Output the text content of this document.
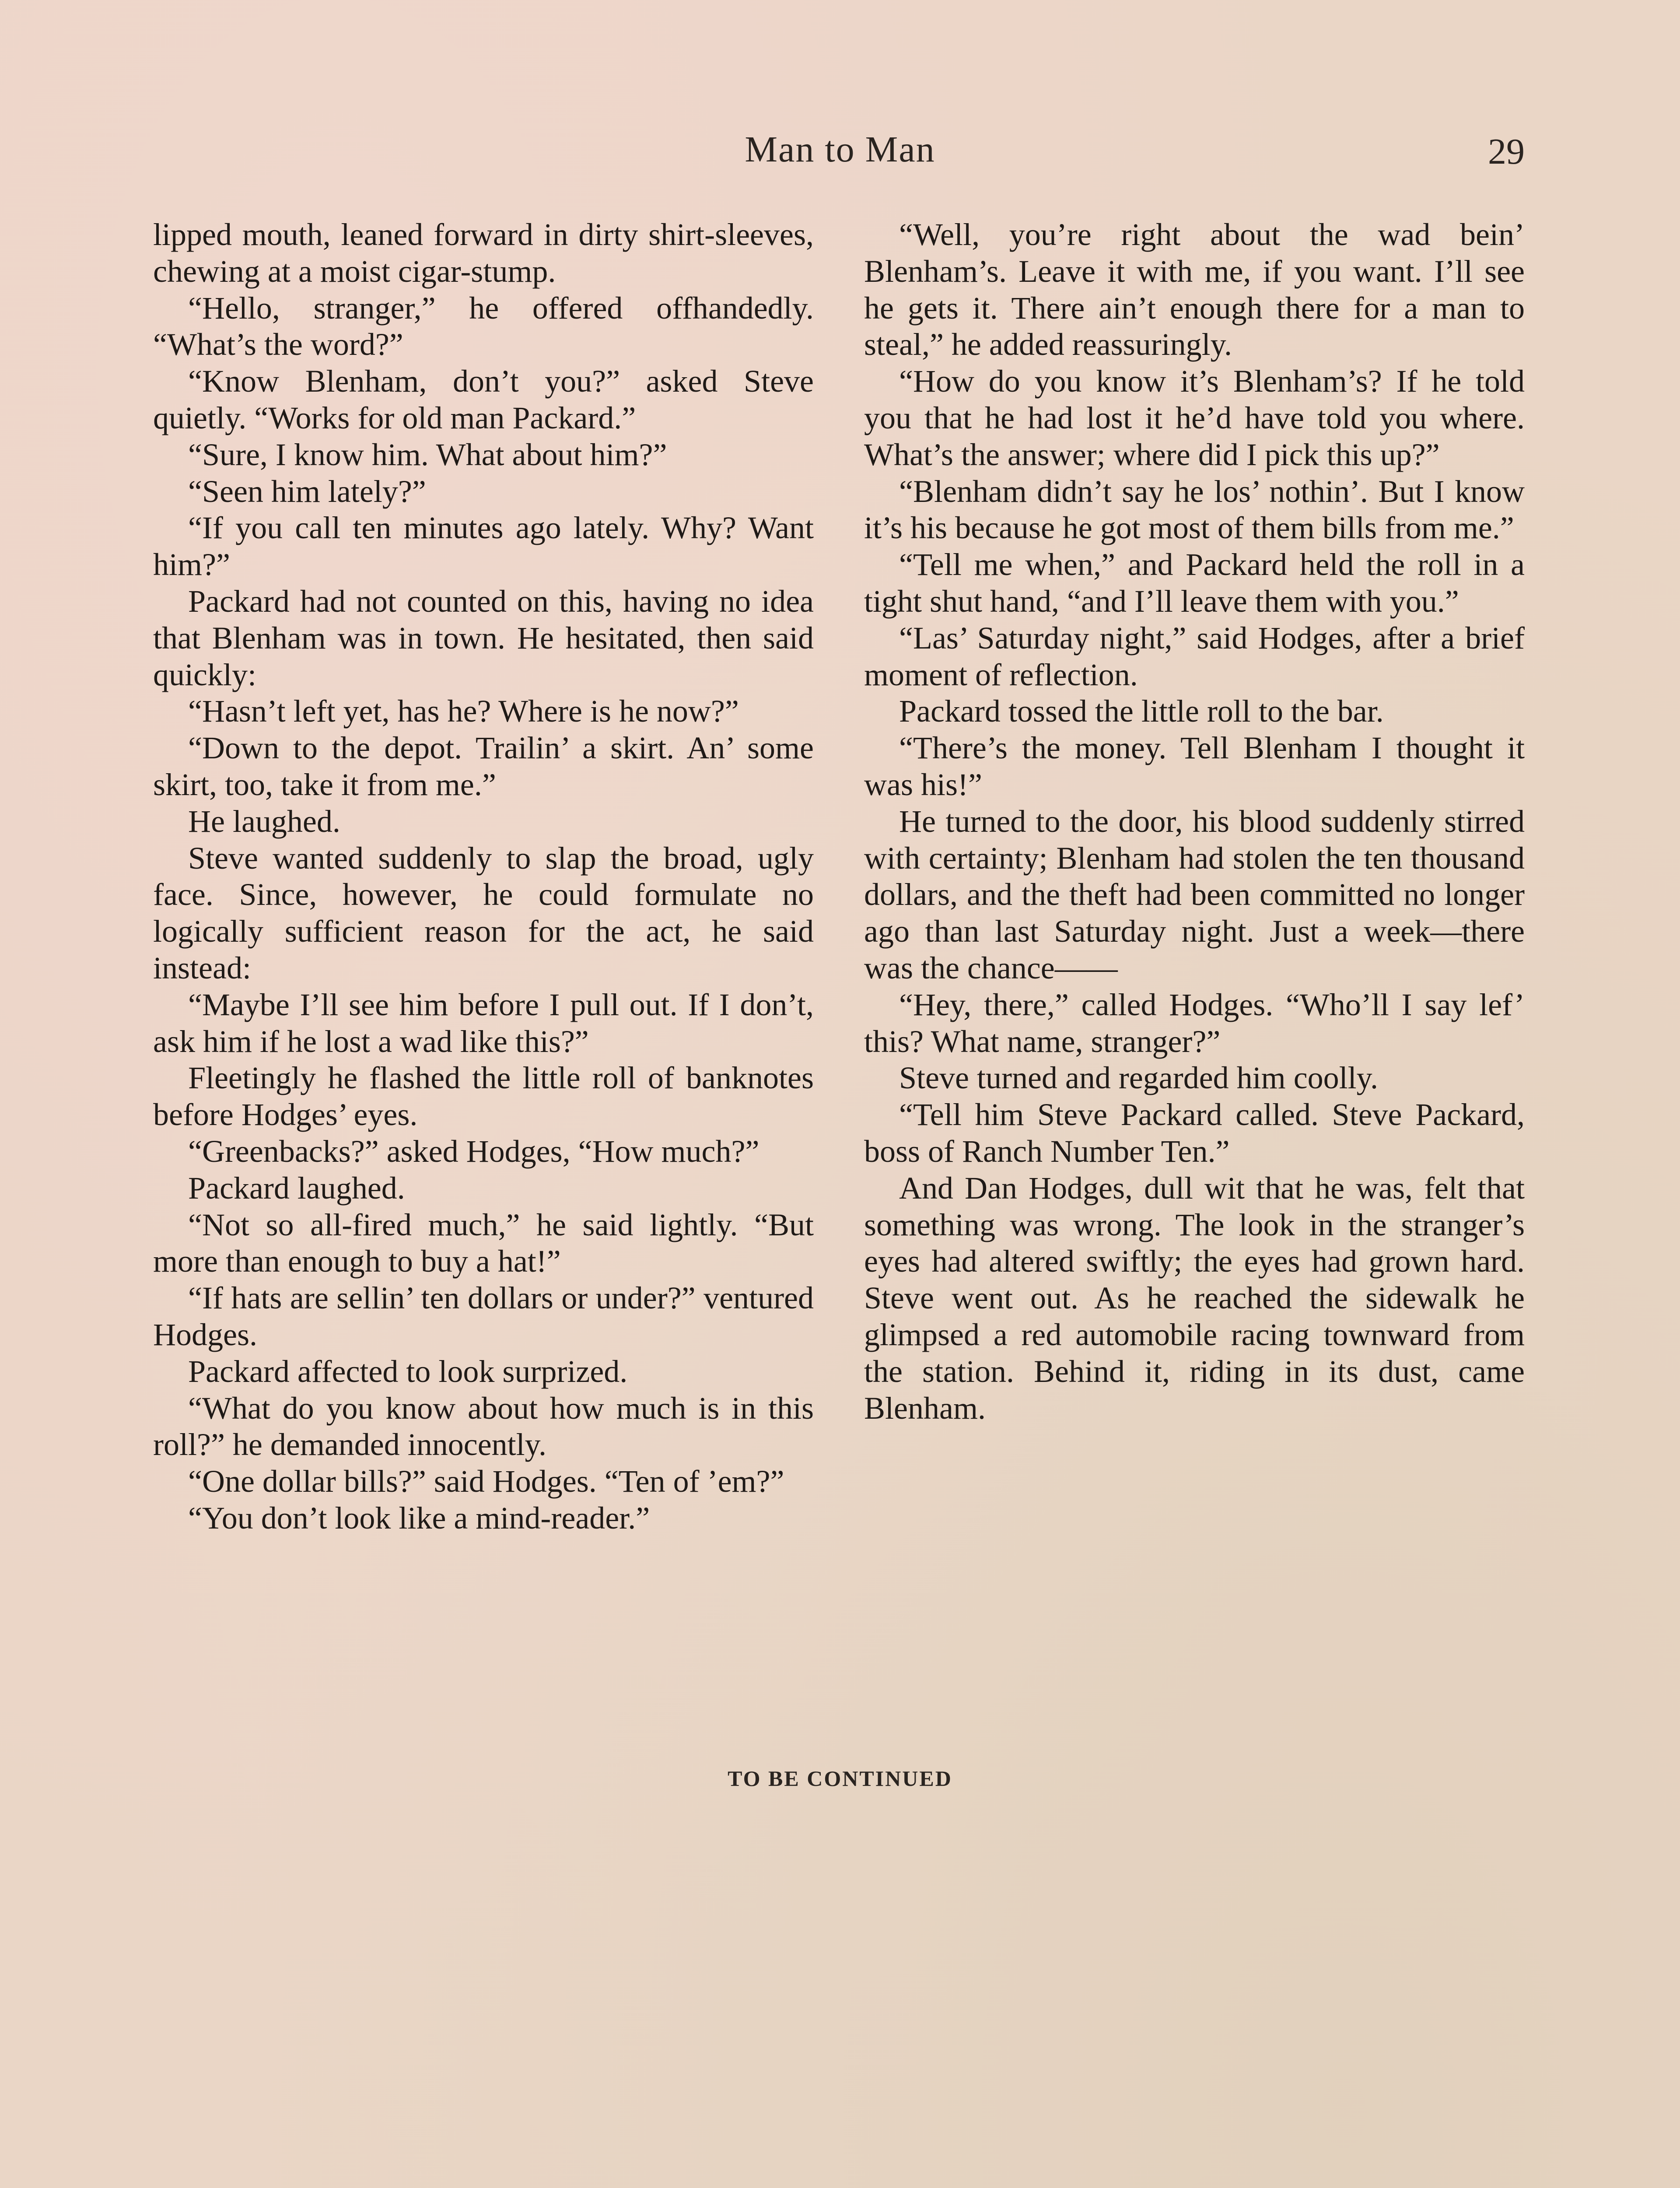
Man to Man	29

lipped mouth, leaned forward in dirty shirt-sleeves, chewing at a moist cigar-stump.

“Hello, stranger,” he offered offhandedly. “What’s the word?”

“Know Blenham, don’t you?” asked Steve quietly. “Works for old man Packard.”

“Sure, I know him. What about him?”

“Seen him lately?”

“If you call ten minutes ago lately. Why? Want him?”

Packard had not counted on this, having no idea that Blenham was in town. He hesitated, then said quickly:

“Hasn’t left yet, has he? Where is he now?”

“Down to the depot. Trailin’ a skirt. An’ some skirt, too, take it from me.”

He laughed.

Steve wanted suddenly to slap the broad, ugly face. Since, however, he could formulate no logically sufficient reason for the act, he said instead:

“Maybe I’ll see him before I pull out. If I don’t, ask him if he lost a wad like this?”

Fleetingly he flashed the little roll of banknotes before Hodges’ eyes.

“Greenbacks?” asked Hodges, “How much?”

Packard laughed.

“Not so all-fired much,” he said lightly. “But more than enough to buy a hat!”

“If hats are sellin’ ten dollars or under?” ventured Hodges.

Packard affected to look surprized.

“What do you know about how much is in this roll?” he demanded innocently.

“One dollar bills?” said Hodges. “Ten of ’em?”

“You don’t look like a mind-reader.”

“Well, you’re right about the wad bein’ Blenham’s. Leave it with me, if you want. I’ll see he gets it. There ain’t enough there for a man to steal,” he added reassuringly.

“How do you know it’s Blenham’s? If he told you that he had lost it he’d have told you where. What’s the answer; where did I pick this up?”

“Blenham didn’t say he los’ nothin’. But I know it’s his because he got most of them bills from me.”

“Tell me when,” and Packard held the roll in a tight shut hand, “and I’ll leave them with you.”

“Las’ Saturday night,” said Hodges, after a brief moment of reflection.

Packard tossed the little roll to the bar.

“There’s the money. Tell Blenham I thought it was his!”

He turned to the door, his blood suddenly stirred with certainty; Blenham had stolen the ten thousand dollars, and the theft had been committed no longer ago than last Saturday night. Just a week—there was the chance——

“Hey, there,” called Hodges. “Who’ll I say lef’ this? What name, stranger?”

Steve turned and regarded him coolly.

“Tell him Steve Packard called. Steve Packard, boss of Ranch Number Ten.”

And Dan Hodges, dull wit that he was, felt that something was wrong. The look in the stranger’s eyes had altered swiftly; the eyes had grown hard. Steve went out. As he reached the sidewalk he glimpsed a red automobile racing townward from the station. Behind it, riding in its dust, came Blenham.

TO BE CONTINUED
